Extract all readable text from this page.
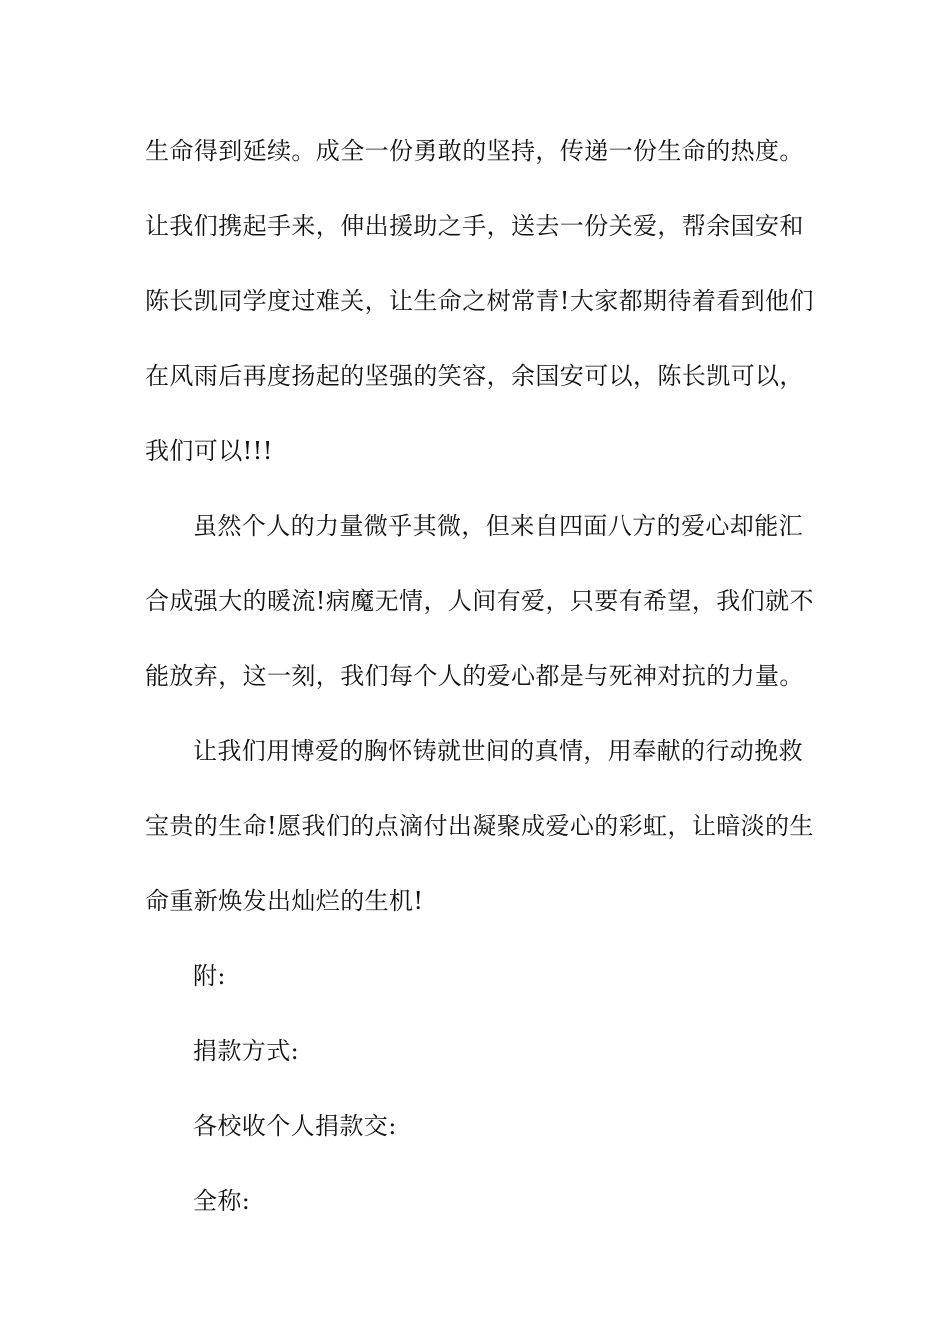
生命得到延续。成全一份勇敢的坚持，传递一份生命的热度。
让我们携起手来，伸出援助之手，送去一份关爱，帮余国安和
陈长凯同学度过难关，让生命之树常青!大家都期待着看到他们
在风雨后再度扬起的坚强的笑容，余国安可以，陈长凯可以，
我们可以!!!
虽然个人的力量微乎其微，但来自四面八方的爱心却能汇
合成强大的暖流!病魔无情，人间有爱，只要有希望，我们就不
能放弃，这一刻，我们每个人的爱心都是与死神对抗的力量。
让我们用博爱的胸怀铸就世间的真情，用奉献的行动挽救
宝贵的生命!愿我们的点滴付出凝聚成爱心的彩虹，让暗淡的生
命重新焕发出灿烂的生机!
附:
捐款方式:
各校收个人捐款交:
全称:
